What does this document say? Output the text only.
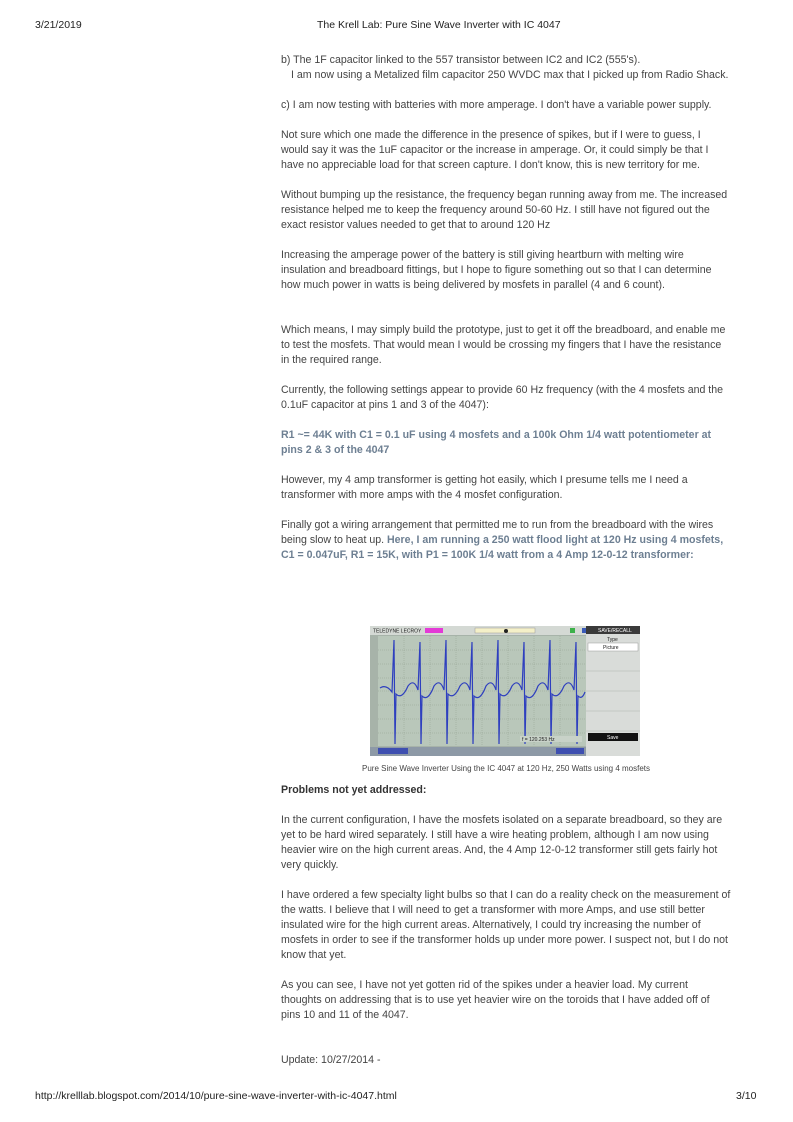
3/21/2019	The Krell Lab: Pure Sine Wave Inverter with IC 4047

b) The 1F capacitor linked to the 557 transistor between IC2 and IC2 (555's).
I am now using a Metalized film capacitor 250 WVDC max that I picked up from Radio Shack.

c) I am now testing with batteries with more amperage. I don't have a variable power supply.

Not sure which one made the difference in the presence of spikes, but if I were to guess, I would say it was the 1uF capacitor or the increase in amperage. Or, it could simply be that I have no appreciable load for that screen capture. I don't know, this is new territory for me.

Without bumping up the resistance, the frequency began running away from me. The increased resistance helped me to keep the frequency around 50-60 Hz. I still have not figured out the exact resistor values needed to get that to around 120 Hz

Increasing the amperage power of the battery is still giving heartburn with melting wire insulation and breadboard fittings, but I hope to figure something out so that I can determine how much power in watts is being delivered by mosfets in parallel (4 and 6 count).

Which means, I may simply build the prototype, just to get it off the breadboard, and enable me to test the mosfets. That would mean I would be crossing my fingers that I have the resistance in the required range.

Currently, the following settings appear to provide 60 Hz frequency (with the 4 mosfets and the 0.1uF capacitor at pins 1 and 3 of the 4047):

R1 ~= 44K with C1 = 0.1 uF using 4 mosfets and a 100k Ohm 1/4 watt potentiometer at pins 2 & 3 of the 4047

However, my 4 amp transformer is getting hot easily, which I presume tells me I need a transformer with more amps with the 4 mosfet configuration.

Finally got a wiring arrangement that permitted me to run from the breadboard with the wires being slow to heat up. Here, I am running a 250 watt flood light at 120 Hz using 4 mosfets, C1 = 0.047uF, R1 = 15K, with P1 = 100K 1/4 watt from a 4 Amp 12-0-12 transformer:

TELEDYNE LECROY
f = 120.253 Hz
SAVE/RECALL
Type
Picture
Save
Pure Sine Wave Inverter Using the IC 4047 at 120 Hz, 250 Watts using 4 mosfets

Problems not yet addressed:

In the current configuration, I have the mosfets isolated on a separate breadboard, so they are yet to be hard wired separately. I still have a wire heating problem, although I am now using heavier wire on the high current areas. And, the 4 Amp 12-0-12 transformer still gets fairly hot very quickly.

I have ordered a few specialty light bulbs so that I can do a reality check on the measurement of the watts. I believe that I will need to get a transformer with more Amps, and use still better insulated wire for the high current areas. Alternatively, I could try increasing the number of mosfets in order to see if the transformer holds up under more power. I suspect not, but I do not know that yet.

As you can see, I have not yet gotten rid of the spikes under a heavier load. My current thoughts on addressing that is to use yet heavier wire on the toroids that I have added off of pins 10 and 11 of the 4047.

Update: 10/27/2014 -

http://krelllab.blogspot.com/2014/10/pure-sine-wave-inverter-with-ic-4047.html	3/10
